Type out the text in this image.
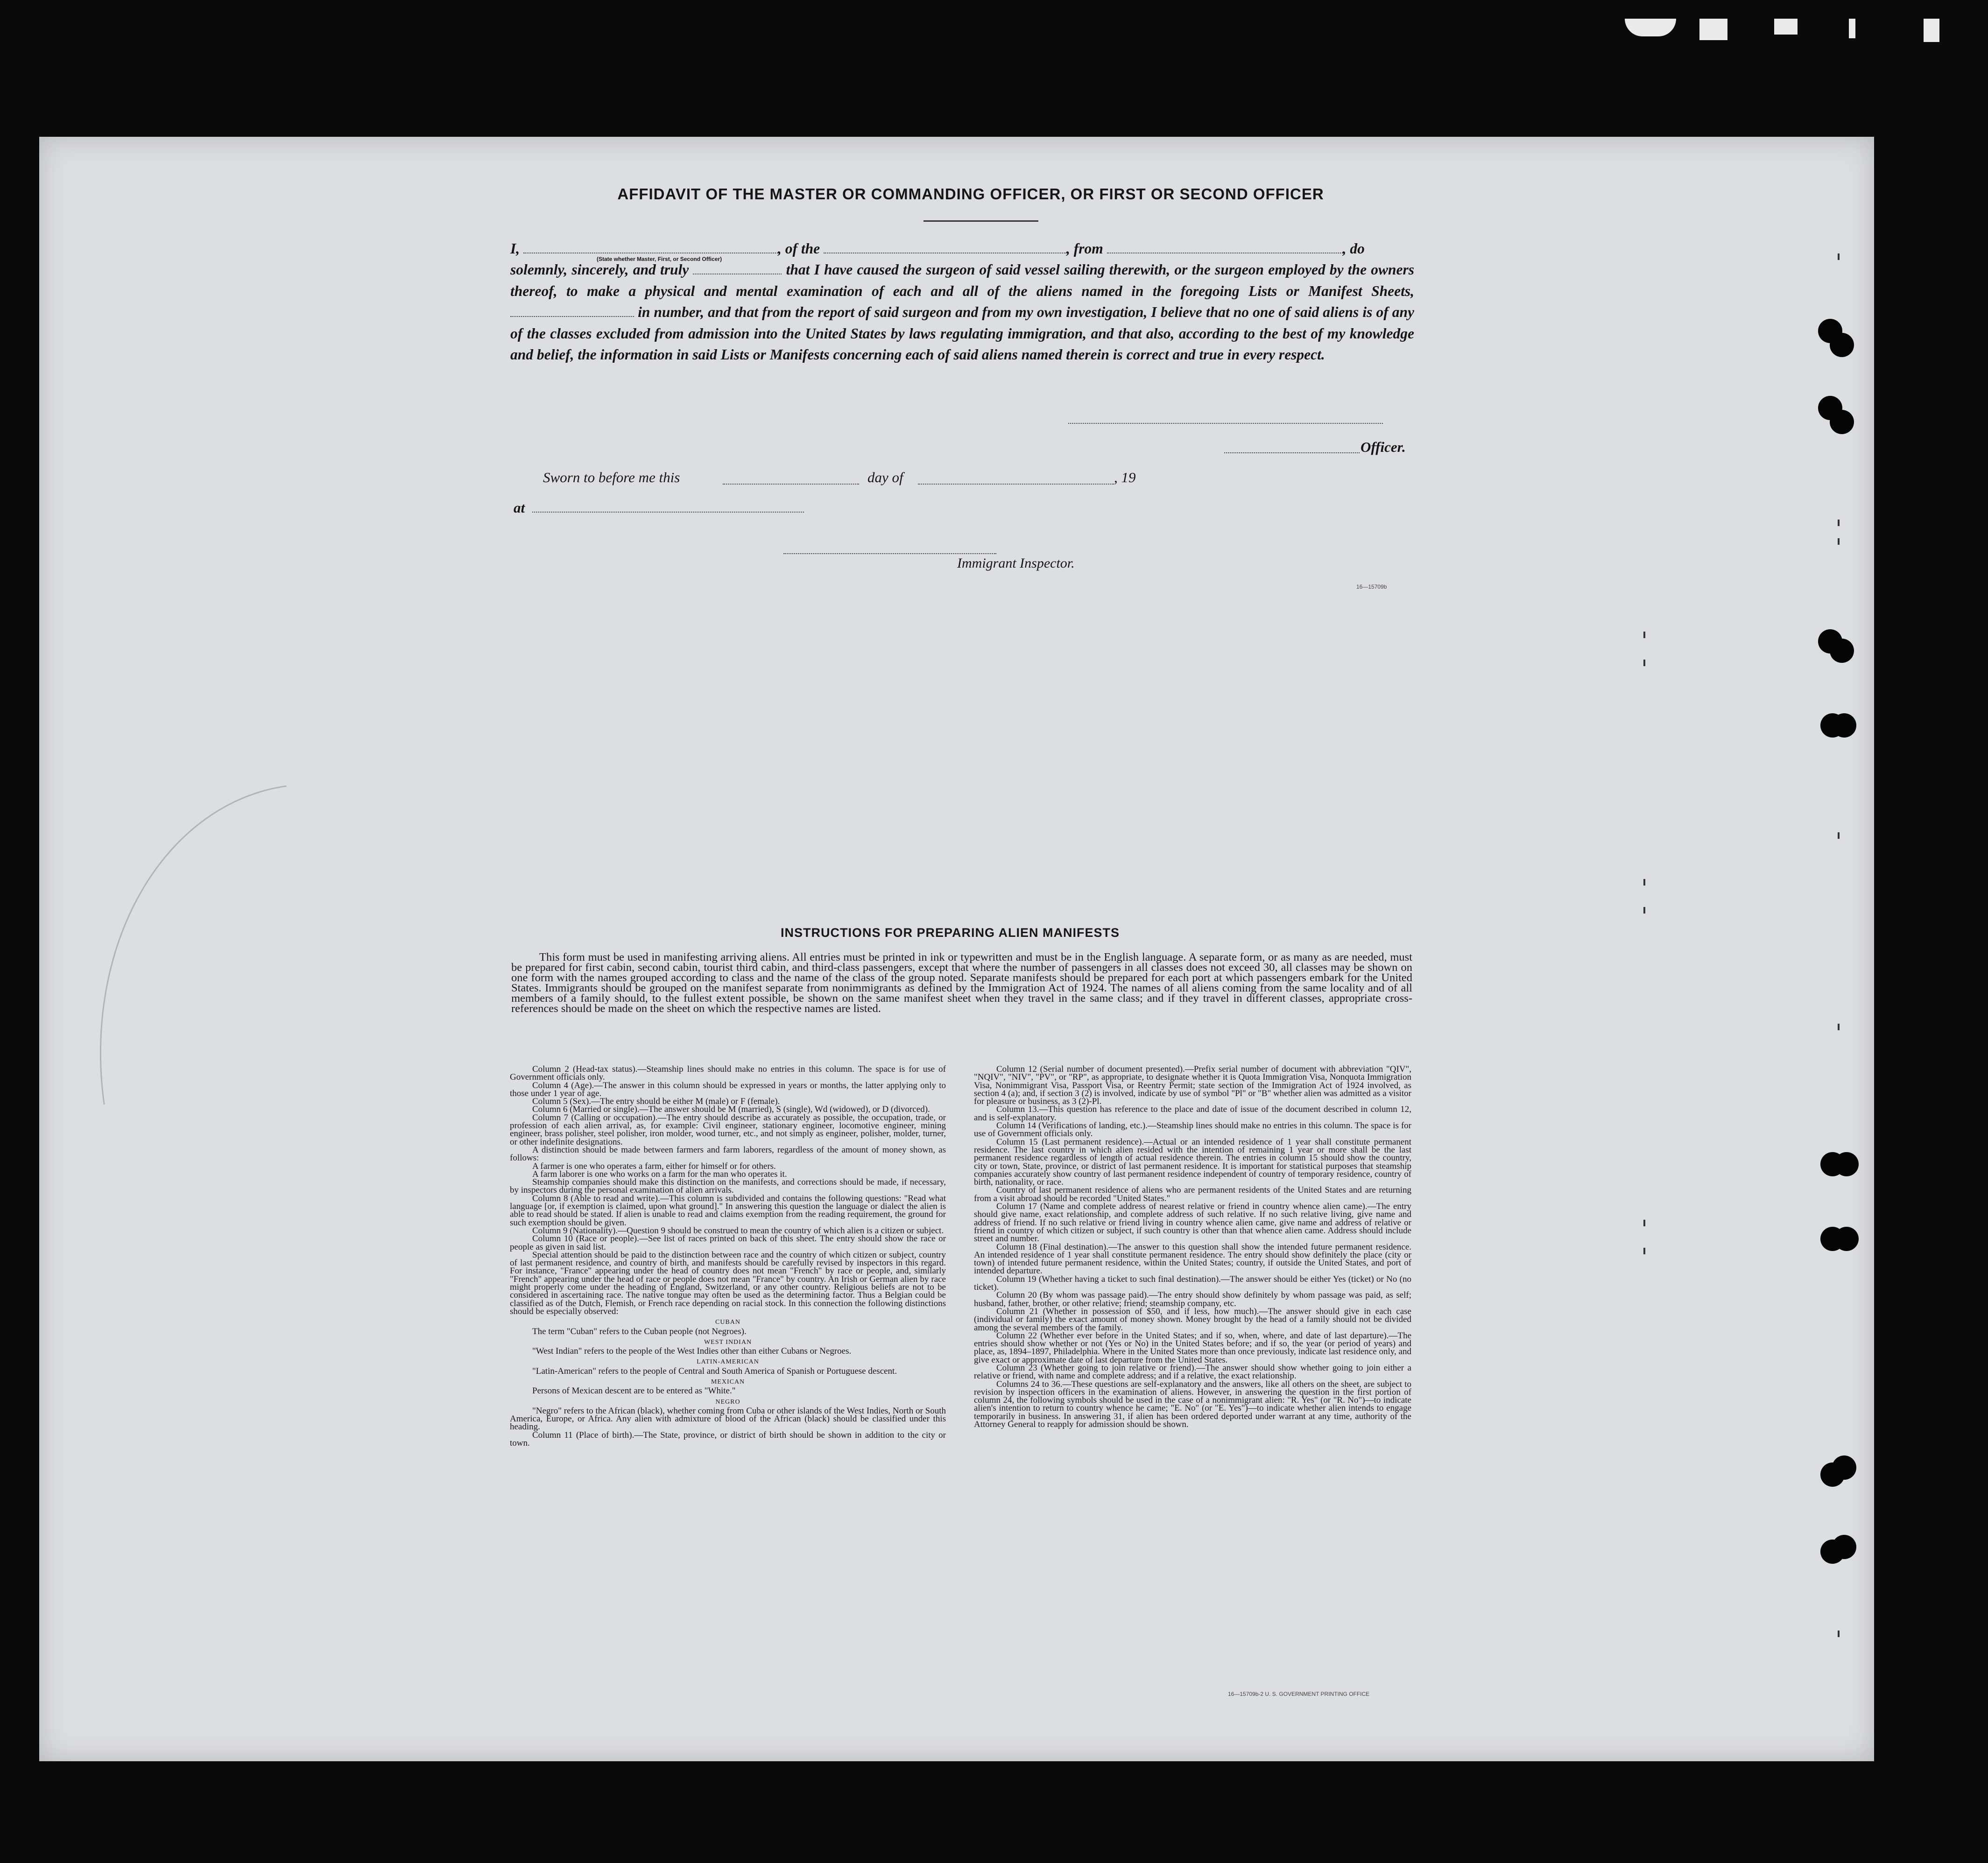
AFFIDAVIT OF THE MASTER OR COMMANDING OFFICER, OR FIRST OR SECOND OFFICER
I,	, of the	, from	, do
solemnly, sincerely, and truly	that I have caused the surgeon of said vessel sailing therewith, or the surgeon employed by the owners thereof, to make a physical and mental examination of each and all of the aliens named in the foregoing Lists or Manifest Sheets,  in number, and that from the report of said surgeon and from my own investigation, I believe that no one of said aliens is of any of the classes excluded from admission into the United States by laws regulating immigration, and that also, according to the best of my knowledge and belief, the information in said Lists or Manifests concerning each of said aliens named therein is correct and true in every respect.
(State whether Master, First, or Second Officer)
Officer.
Sworn to before me this	day of	, 19
at
Immigrant Inspector.
16—15709b
INSTRUCTIONS FOR PREPARING ALIEN MANIFESTS
This form must be used in manifesting arriving aliens. All entries must be printed in ink or typewritten and must be in the English language. A separate form, or as many as are needed, must be prepared for first cabin, second cabin, tourist third cabin, and third-class passengers, except that where the number of passengers in all classes does not exceed 30, all classes may be shown on one form with the names grouped according to class and the name of the class of the group noted. Separate manifests should be prepared for each port at which passengers embark for the United States. Immigrants should be grouped on the manifest separate from nonimmigrants as defined by the Immigration Act of 1924. The names of all aliens coming from the same locality and of all members of a family should, to the fullest extent possible, be shown on the same manifest sheet when they travel in the same class; and if they travel in different classes, appropriate cross-references should be made on the sheet on which the respective names are listed.

Column 2 (Head-tax status).—Steamship lines should make no entries in this column. The space is for use of Government officials only.

Column 4 (Age).—The answer in this column should be expressed in years or months, the latter applying only to those under 1 year of age.

Column 5 (Sex).—The entry should be either M (male) or F (female).

Column 6 (Married or single).—The answer should be M (married), S (single), Wd (widowed), or D (divorced).

Column 7 (Calling or occupation).—The entry should describe as accurately as possible, the occupation, trade, or profession of each alien arrival, as, for example: Civil engineer, stationary engineer, locomotive engineer, mining engineer, brass polisher, steel polisher, iron molder, wood turner, etc., and not simply as engineer, polisher, molder, turner, or other indefinite designations.

A distinction should be made between farmers and farm laborers, regardless of the amount of money shown, as follows:

A farmer is one who operates a farm, either for himself or for others.

A farm laborer is one who works on a farm for the man who operates it.

Steamship companies should make this distinction on the manifests, and corrections should be made, if necessary, by inspectors during the personal examination of alien arrivals.

Column 8 (Able to read and write).—This column is subdivided and contains the following questions: "Read what language [or, if exemption is claimed, upon what ground]." In answering this question the language or dialect the alien is able to read should be stated. If alien is unable to read and claims exemption from the reading requirement, the ground for such exemption should be given.

Column 9 (Nationality).—Question 9 should be construed to mean the country of which alien is a citizen or subject.

Column 10 (Race or people).—See list of races printed on back of this sheet. The entry should show the race or people as given in said list.

Special attention should be paid to the distinction between race and the country of which citizen or subject, country of last permanent residence, and country of birth, and manifests should be carefully revised by inspectors in this regard. For instance, "France" appearing under the head of country does not mean "French" by race or people, and, similarly "French" appearing under the head of race or people does not mean "France" by country. An Irish or German alien by race might properly come under the heading of England, Switzerland, or any other country. Religious beliefs are not to be considered in ascertaining race. The native tongue may often be used as the determining factor. Thus a Belgian could be classified as of the Dutch, Flemish, or French race depending on racial stock. In this connection the following distinctions should be especially observed:

CUBAN

The term "Cuban" refers to the Cuban people (not Negroes).

WEST INDIAN

"West Indian" refers to the people of the West Indies other than either Cubans or Negroes.

LATIN-AMERICAN

"Latin-American" refers to the people of Central and South America of Spanish or Portuguese descent.

MEXICAN

Persons of Mexican descent are to be entered as "White."

NEGRO

"Negro" refers to the African (black), whether coming from Cuba or other islands of the West Indies, North or South America, Europe, or Africa. Any alien with admixture of blood of the African (black) should be classified under this heading.

Column 11 (Place of birth).—The State, province, or district of birth should be shown in addition to the city or town.

Column 12 (Serial number of document presented).—Prefix serial number of document with abbreviation "QIV", "NQIV", "NIV", "PV", or "RP", as appropriate, to designate whether it is Quota Immigration Visa, Nonquota Immigration Visa, Nonimmigrant Visa, Passport Visa, or Reentry Permit; state section of the Immigration Act of 1924 involved, as section 4 (a); and, if section 3 (2) is involved, indicate by use of symbol "Pl" or "B" whether alien was admitted as a visitor for pleasure or business, as 3 (2)-Pl.

Column 13.—This question has reference to the place and date of issue of the document described in column 12, and is self-explanatory.

Column 14 (Verifications of landing, etc.).—Steamship lines should make no entries in this column. The space is for use of Government officials only.

Column 15 (Last permanent residence).—Actual or an intended residence of 1 year shall constitute permanent residence. The last country in which alien resided with the intention of remaining 1 year or more shall be the last permanent residence regardless of length of actual residence therein. The entries in column 15 should show the country, city or town, State, province, or district of last permanent residence. It is important for statistical purposes that steamship companies accurately show country of last permanent residence independent of country of temporary residence, country of birth, nationality, or race.

Country of last permanent residence of aliens who are permanent residents of the United States and are returning from a visit abroad should be recorded "United States."

Column 17 (Name and complete address of nearest relative or friend in country whence alien came).—The entry should give name, exact relationship, and complete address of such relative. If no such relative living, give name and address of friend. If no such relative or friend living in country whence alien came, give name and address of relative or friend in country of which citizen or subject, if such country is other than that whence alien came. Address should include street and number.

Column 18 (Final destination).—The answer to this question shall show the intended future permanent residence. An intended residence of 1 year shall constitute permanent residence. The entry should show definitely the place (city or town) of intended future permanent residence, within the United States; country, if outside the United States, and port of intended departure.

Column 19 (Whether having a ticket to such final destination).—The answer should be either Yes (ticket) or No (no ticket).

Column 20 (By whom was passage paid).—The entry should show definitely by whom passage was paid, as self; husband, father, brother, or other relative; friend; steamship company, etc.

Column 21 (Whether in possession of $50, and if less, how much).—The answer should give in each case (individual or family) the exact amount of money shown. Money brought by the head of a family should not be divided among the several members of the family.

Column 22 (Whether ever before in the United States; and if so, when, where, and date of last departure).—The entries should show whether or not (Yes or No) in the United States before; and if so, the year (or period of years) and place, as, 1894–1897, Philadelphia. Where in the United States more than once previously, indicate last residence only, and give exact or approximate date of last departure from the United States.

Column 23 (Whether going to join relative or friend).—The answer should show whether going to join either a relative or friend, with name and complete address; and if a relative, the exact relationship.

Columns 24 to 36.—These questions are self-explanatory and the answers, like all others on the sheet, are subject to revision by inspection officers in the examination of aliens. However, in answering the question in the first portion of column 24, the following symbols should be used in the case of a nonimmigrant alien: "R. Yes" (or "R. No")—to indicate alien's intention to return to country whence he came; "E. No" (or "E. Yes")—to indicate whether alien intends to engage temporarily in business. In answering 31, if alien has been ordered deported under warrant at any time, authority of the Attorney General to reapply for admission should be shown.

16—15709b-2 U. S. GOVERNMENT PRINTING OFFICE
